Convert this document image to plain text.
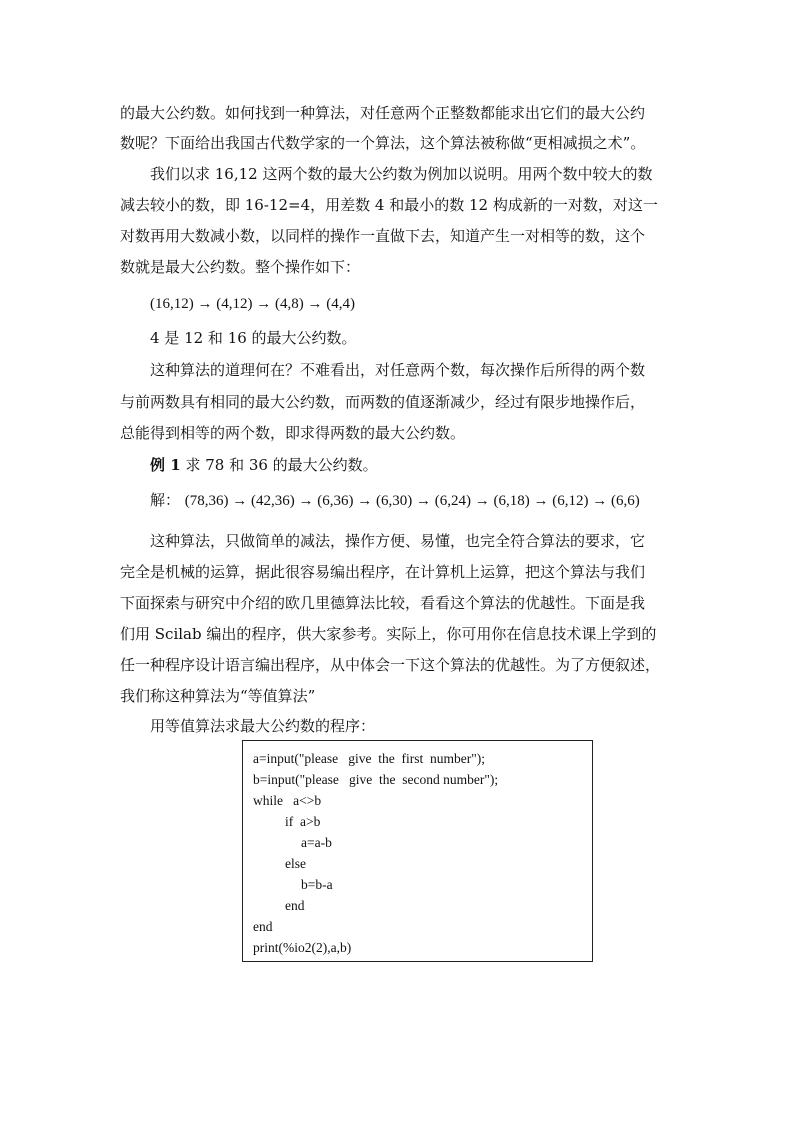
的最大公约数。如何找到一种算法，对任意两个正整数都能求出它们的最大公约
数呢？下面给出我国古代数学家的一个算法，这个算法被称做“更相减损之术”。
我们以求 16,12 这两个数的最大公约数为例加以说明。用两个数中较大的数
减去较小的数，即 16-12=4，用差数 4 和最小的数 12 构成新的一对数，对这一
对数再用大数减小数，以同样的操作一直做下去，知道产生一对相等的数，这个
数就是最大公约数。整个操作如下：
(16,12) → (4,12) → (4,8) → (4,4)
4 是 12 和 16 的最大公约数。
这种算法的道理何在？不难看出，对任意两个数，每次操作后所得的两个数
与前两数具有相同的最大公约数，而两数的值逐渐减少，经过有限步地操作后，
总能得到相等的两个数，即求得两数的最大公约数。
例 1 求 78 和 36 的最大公约数。
解： (78,36) → (42,36) → (6,36) → (6,30) → (6,24) → (6,18) → (6,12) → (6,6)
这种算法，只做简单的减法，操作方便、易懂，也完全符合算法的要求，它
完全是机械的运算，据此很容易编出程序，在计算机上运算，把这个算法与我们
下面探索与研究中介绍的欧几里德算法比较，看看这个算法的优越性。下面是我
们用 Scilab 编出的程序，供大家参考。实际上，你可用你在信息技术课上学到的
任一种程序设计语言编出程序，从中体会一下这个算法的优越性。为了方便叙述，
我们称这种算法为“等值算法”
用等值算法求最大公约数的程序：
a=input("please   give  the  first  number");
b=input("please   give  the  second number");
while   a<>b
if  a>b
a=a-b
else
b=b-a
end
end
print(%io2(2),a,b)
